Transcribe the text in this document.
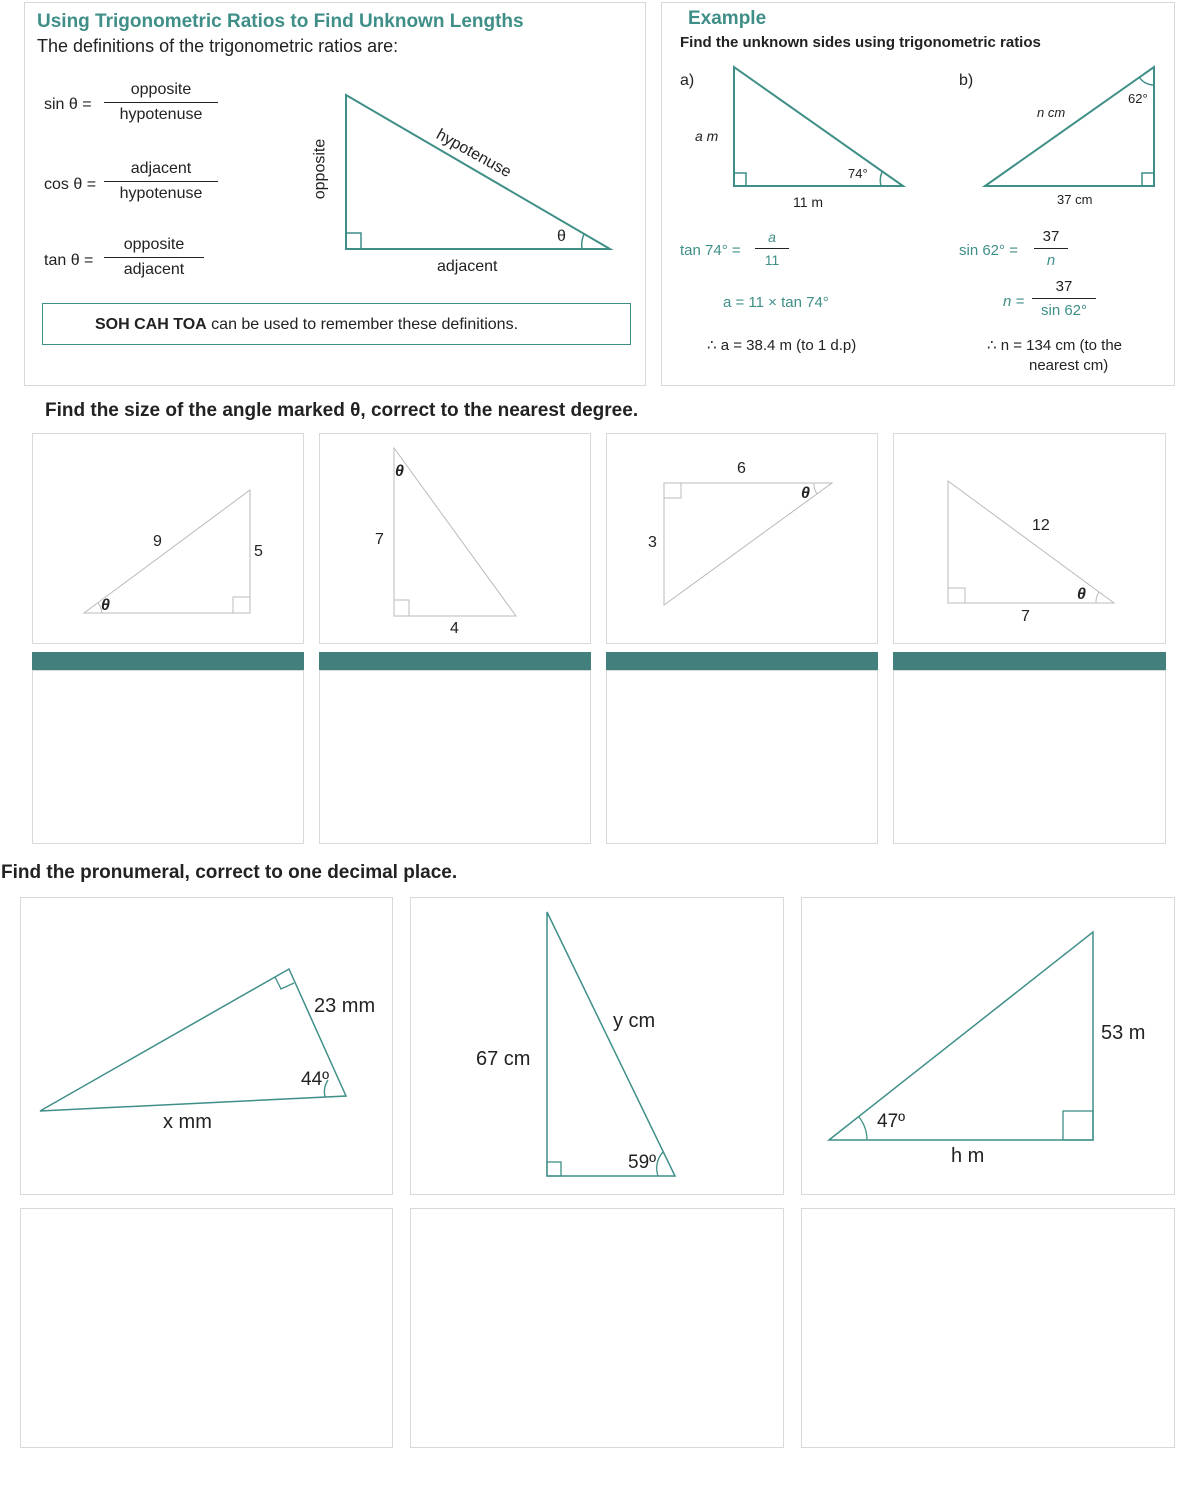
Using Trigonometric Ratios to Find Unknown Lengths
The definitions of the trigonometric ratios are:
sin θ =
opposite
hypotenuse
cos θ =
adjacent
hypotenuse
tan θ =
opposite
adjacent
opposite	hypotenuse
adjacent
θ
SOH CAH TOA can be used to remember these definitions.
Example
Find the unknown sides using trigonometric ratios
a)	b)
a m
11 m
74°
n cm
37 cm
62°
tan 74° =
a
11
a = 11 × tan 74°
∴ a = 38.4 m (to 1 d.p)
sin 62° =
37
n
n =
37
sin 62°
∴ n = 134 cm (to the
nearest cm)
Find the size of the angle marked θ, correct to the nearest degree.
9
5
θ
θ
7
4
6
3
θ
12
7
θ
Find the pronumeral, correct to one decimal place.
23 mm
44º
x mm
67 cm
y cm
59º
47º
53 m
h m
